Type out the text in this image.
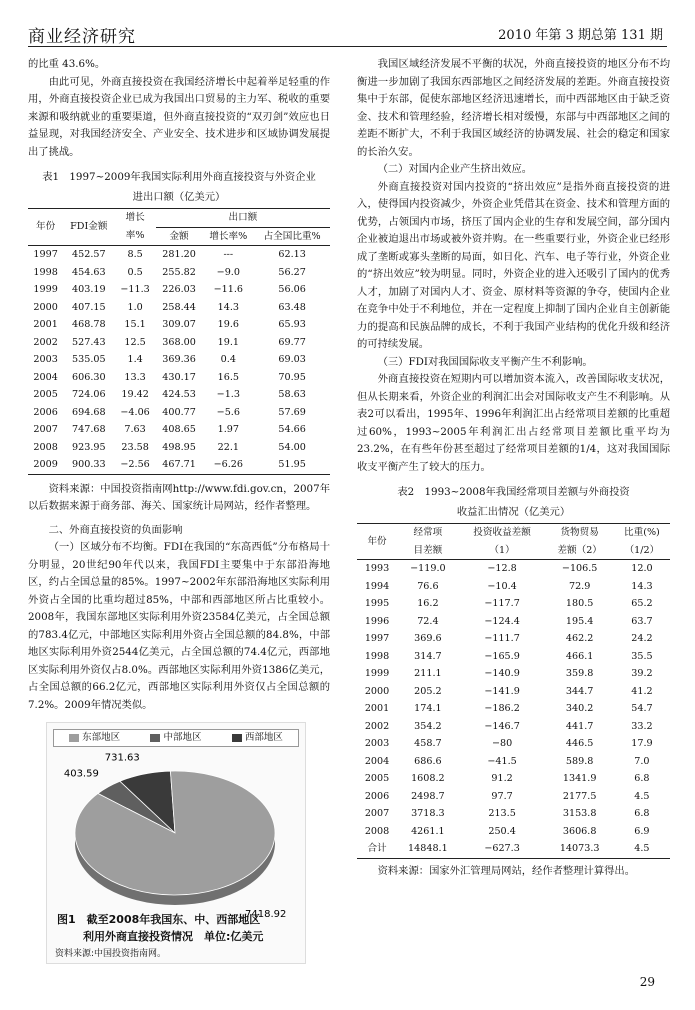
商业经济研究	2010 年第 3 期总第 131 期

的比重 43.6%。

由此可见，外商直接投资在我国经济增长中起着举足轻重的作用，外商直接投资企业已成为我国出口贸易的主力军、税收的重要来源和吸纳就业的重要渠道，但外商直接投资的“双刃剑”效应也日益显现，对我国经济安全、产业安全、技术进步和区域协调发展提出了挑战。

表1　1997~2009年我国实际利用外商直接投资与外资企业
进出口额（亿美元）
年份	FDI金额	增长	出口额		
		率%	金额	增长率%	占全国比重%
1997	452.57	8.5	281.20	---	62.13
1998	454.63	0.5	255.82	−9.0	56.27
1999	403.19	−11.3	226.03	−11.6	56.06
2000	407.15	1.0	258.44	14.3	63.48
2001	468.78	15.1	309.07	19.6	65.93
2002	527.43	12.5	368.00	19.1	69.77
2003	535.05	1.4	369.36	0.4	69.03
2004	606.30	13.3	430.17	16.5	70.95
2005	724.06	19.42	424.53	−1.3	58.63
2006	694.68	−4.06	400.77	−5.6	57.69
2007	747.68	7.63	408.65	1.97	54.66
2008	923.95	23.58	498.95	22.1	54.00
2009	900.33	−2.56	467.71	−6.26	51.95

资料来源：中国投资指南网http://www.fdi.gov.cn，2007年以后数据来源于商务部、海关、国家统计局网站，经作者整理。

二、外商直接投资的负面影响

（一）区域分布不均衡。FDI在我国的“东高西低”分布格局十分明显，20世纪90年代以来，我国FDI主要集中于东部沿海地区，约占全国总量的85%。1997~2002年东部沿海地区实际利用外资占全国的比重均超过85%，中部和西部地区所占比重较小。2008年，我国东部地区实际利用外资23584亿美元，占全国总额的783.4亿元，中部地区实际利用外资占全国总额的84.8%，中部地区实际利用外资2544亿美元，占全国总额的74.4亿元，西部地区实际利用外资仅占8.0%。西部地区实际利用外资1386亿美元，占全国总额的66.2亿元，西部地区实际利用外资仅占全国总额的7.2%。2009年情况类似。

东部地区	中部地区	西部地区
403.59
731.63
7418.92
图1　截至2008年我国东、中、西部地区
利用外商直接投资情况　单位:亿美元
资料来源:中国投资指南网。

我国区域经济发展不平衡的状况，外商直接投资的地区分布不均衡进一步加剧了我国东西部地区之间经济发展的差距。外商直接投资集中于东部，促使东部地区经济迅速增长，而中西部地区由于缺乏资金、技术和管理经验，经济增长相对缓慢，东部与中西部地区之间的差距不断扩大，不利于我国区域经济的协调发展、社会的稳定和国家的长治久安。

（二）对国内企业产生挤出效应。

外商直接投资对国内投资的“挤出效应”是指外商直接投资的进入，使得国内投资减少，外资企业凭借其在资金、技术和管理方面的优势，占领国内市场，挤压了国内企业的生存和发展空间，部分国内企业被迫退出市场或被外资并购。在一些重要行业，外资企业已经形成了垄断或寡头垄断的局面，如日化、汽车、电子等行业，外资企业的“挤出效应”较为明显。同时，外资企业的进入还吸引了国内的优秀人才，加剧了对国内人才、资金、原材料等资源的争夺，使国内企业在竞争中处于不利地位，并在一定程度上抑制了国内企业自主创新能力的提高和民族品牌的成长，不利于我国产业结构的优化升级和经济的可持续发展。

（三）FDI对我国国际收支平衡产生不利影响。

外商直接投资在短期内可以增加资本流入，改善国际收支状况，但从长期来看，外资企业的利润汇出会对国际收支产生不利影响。从表2可以看出，1995年、1996年利润汇出占经常项目差额的比重超过60%，1993~2005年利润汇出占经常项目差额比重平均为23.2%，在有些年份甚至超过了经常项目差额的1/4，这对我国国际收支平衡产生了较大的压力。

表2　1993~2008年我国经常项目差额与外商投资
收益汇出情况（亿美元）
年份	经常项	投资收益差额	货物贸易	比重(%)
	目差额	（1）	差额（2）	（1/2）
1993	−119.0	−12.8	−106.5	12.0
1994	76.6	−10.4	72.9	14.3
1995	16.2	−117.7	180.5	65.2
1996	72.4	−124.4	195.4	63.7
1997	369.6	−111.7	462.2	24.2
1998	314.7	−165.9	466.1	35.5
1999	211.1	−140.9	359.8	39.2
2000	205.2	−141.9	344.7	41.2
2001	174.1	−186.2	340.2	54.7
2002	354.2	−146.7	441.7	33.2
2003	458.7	−80	446.5	17.9
2004	686.6	−41.5	589.8	7.0
2005	1608.2	91.2	1341.9	6.8
2006	2498.7	97.7	2177.5	4.5
2007	3718.3	213.5	3153.8	6.8
2008	4261.1	250.4	3606.8	6.9
合计	14848.1	−627.3	14073.3	4.5

资料来源：国家外汇管理局网站，经作者整理计算得出。

29
